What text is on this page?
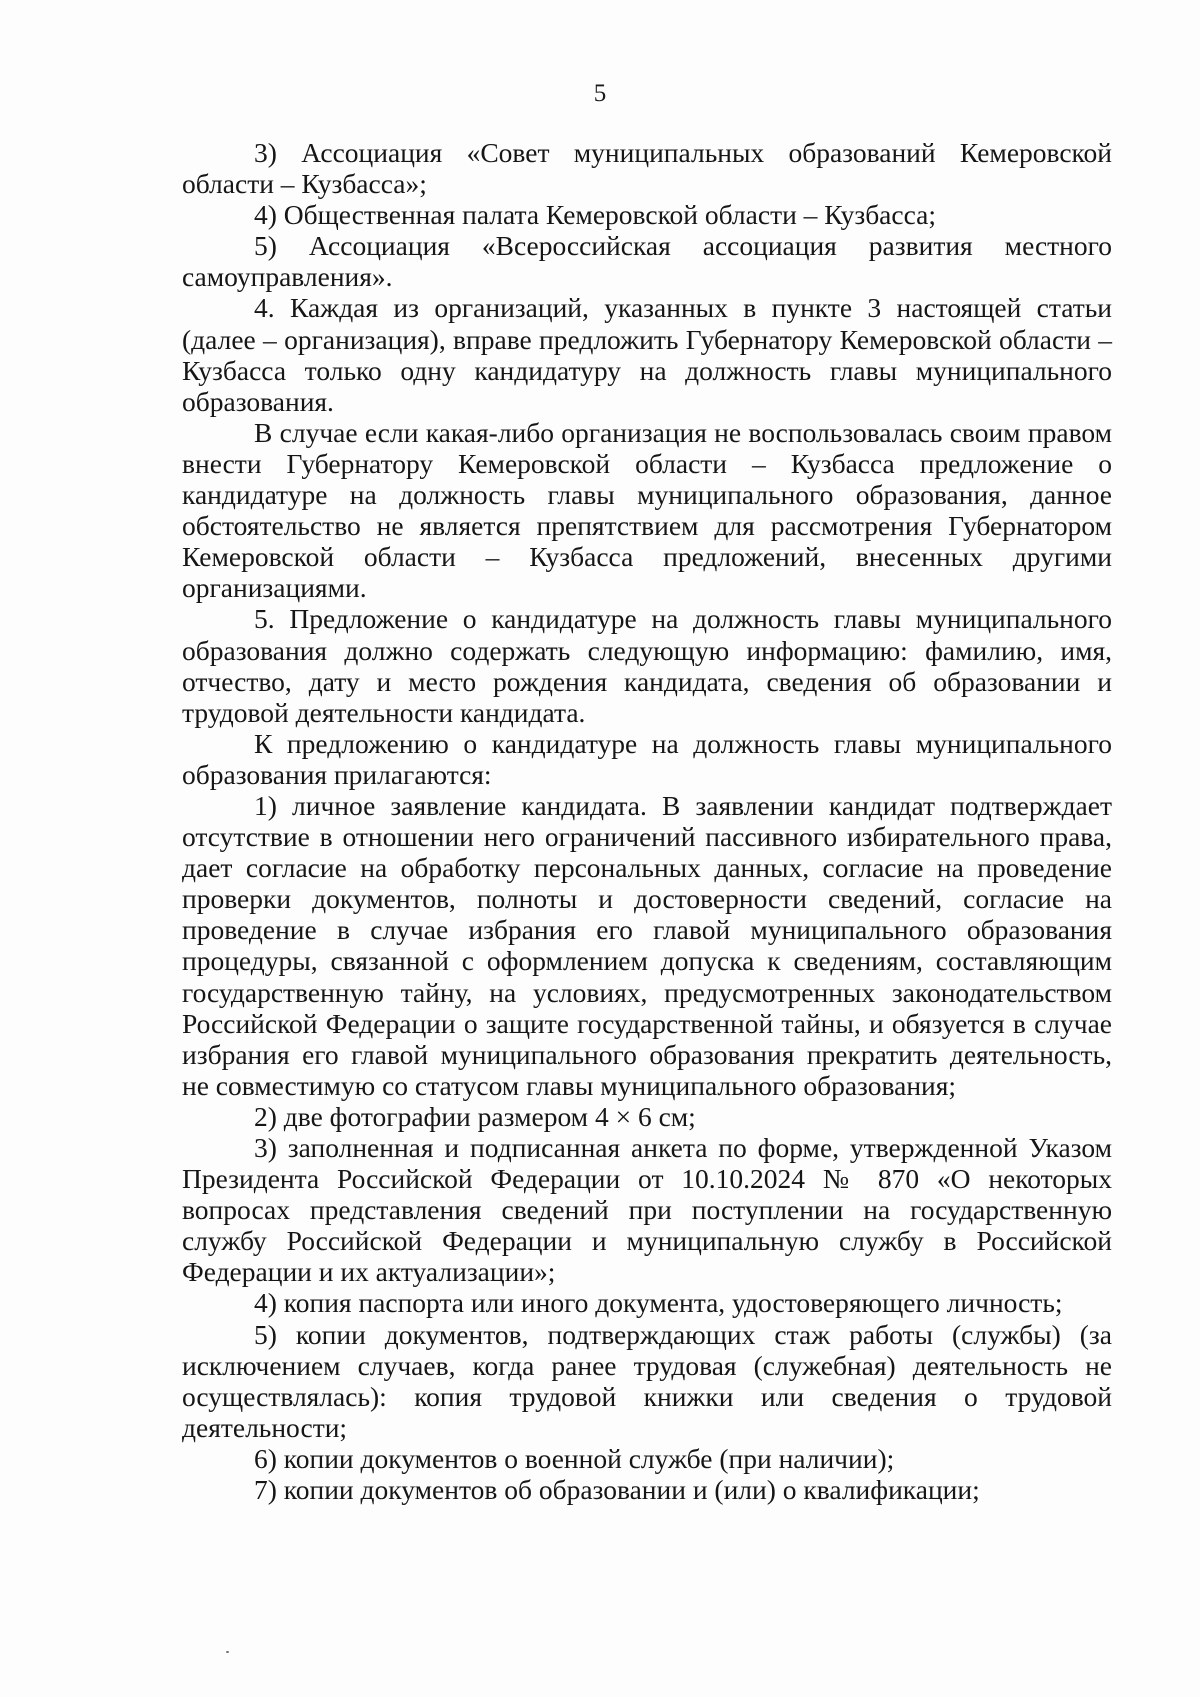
5

3) Ассоциация «Совет муниципальных образований Кемеровской области – Кузбасса»;

4) Общественная палата Кемеровской области – Кузбасса;

5) Ассоциация «Всероссийская ассоциация развития местного самоуправления».

4. Каждая из организаций, указанных в пункте 3 настоящей статьи (далее – организация), вправе предложить Губернатору Кемеровской области – Кузбасса только одну кандидатуру на должность главы муниципального образования.

В случае если какая-либо организация не воспользовалась своим правом внести Губернатору Кемеровской области – Кузбасса предложение о кандидатуре на должность главы муниципального образования, данное обстоятельство не является препятствием для рассмотрения Губернатором Кемеровской области – Кузбасса предложений, внесенных другими организациями.

5. Предложение о кандидатуре на должность главы муниципального образования должно содержать следующую информацию: фамилию, имя, отчество, дату и место рождения кандидата, сведения об образовании и трудовой деятельности кандидата.

К предложению о кандидатуре на должность главы муниципального образования прилагаются:

1) личное заявление кандидата. В заявлении кандидат подтверждает отсутствие в отношении него ограничений пассивного избирательного права, дает согласие на обработку персональных данных, согласие на проведение проверки документов, полноты и достоверности сведений, согласие на проведение в случае избрания его главой муниципального образования процедуры, связанной с оформлением допуска к сведениям, составляющим государственную тайну, на условиях, предусмотренных законодательством Российской Федерации о защите государственной тайны, и обязуется в случае избрания его главой муниципального образования прекратить деятельность, не совместимую со статусом главы муниципального образования;

2) две фотографии размером 4 × 6 см;

3) заполненная и подписанная анкета по форме, утвержденной Указом Президента Российской Федерации от 10.10.2024 № 870 «О некоторых вопросах представления сведений при поступлении на государственную службу Российской Федерации и муниципальную службу в Российской Федерации и их актуализации»;

4) копия паспорта или иного документа, удостоверяющего личность;

5) копии документов, подтверждающих стаж работы (службы) (за исключением случаев, когда ранее трудовая (служебная) деятельность не осуществлялась): копия трудовой книжки или сведения о трудовой деятельности;

6) копии документов о военной службе (при наличии);

7) копии документов об образовании и (или) о квалификации;
